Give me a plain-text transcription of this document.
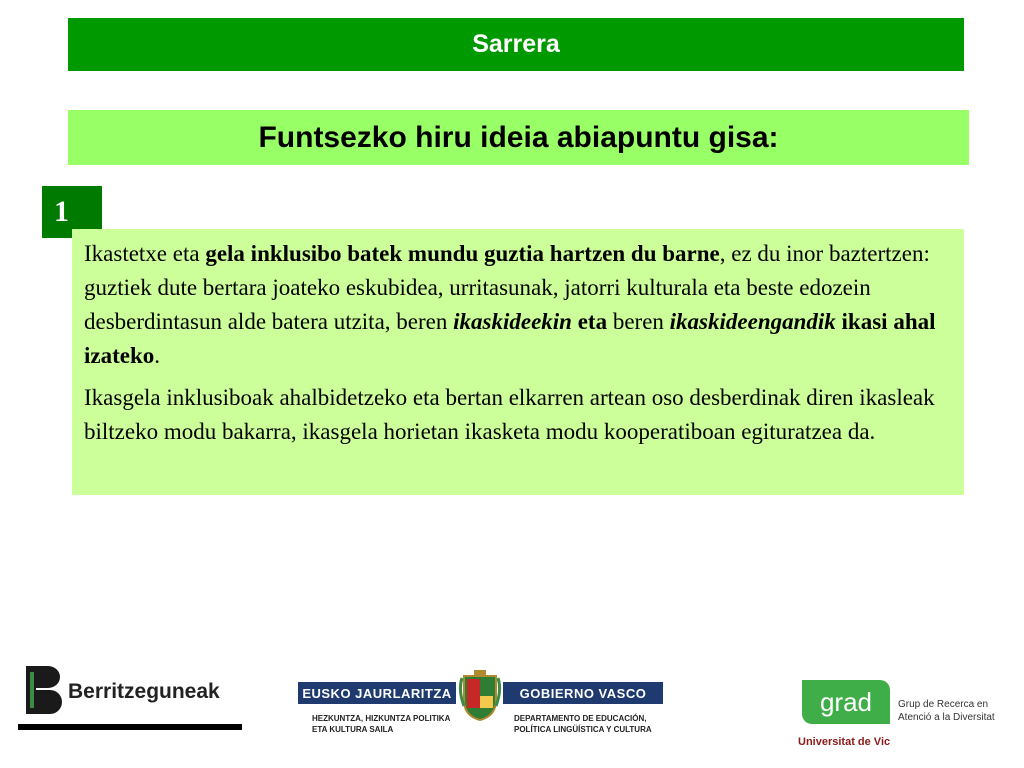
Sarrera
Funtsezko hiru ideia abiapuntu gisa:
1

Ikastetxe eta gela inklusibo batek mundu guztia hartzen du barne, ez du inor baztertzen: guztiek dute bertara joateko eskubidea, urritasunak, jatorri kulturala eta beste edozein desberdintasun alde batera utzita, beren ikaskideekin eta beren ikaskideengandik ikasi ahal izateko.

Ikasgela inklusiboak ahalbidetzeko eta bertan elkarren artean oso desberdinak diren ikasleak biltzeko modu bakarra, ikasgela horietan ikasketa modu kooperatiboan egituratzea da.

Berritzeguneak	EUSKO JAURLARITZA	GOBIERNO VASCO
HEZKUNTZA, HIZKUNTZA POLITIKA
ETA KULTURA SAILA
DEPARTAMENTO DE EDUCACIÓN,
POLÍTICA LINGÜÍSTICA Y CULTURA
grad	Grup de Recerca en
Atenció a la Diversitat
Universitat de Vic
